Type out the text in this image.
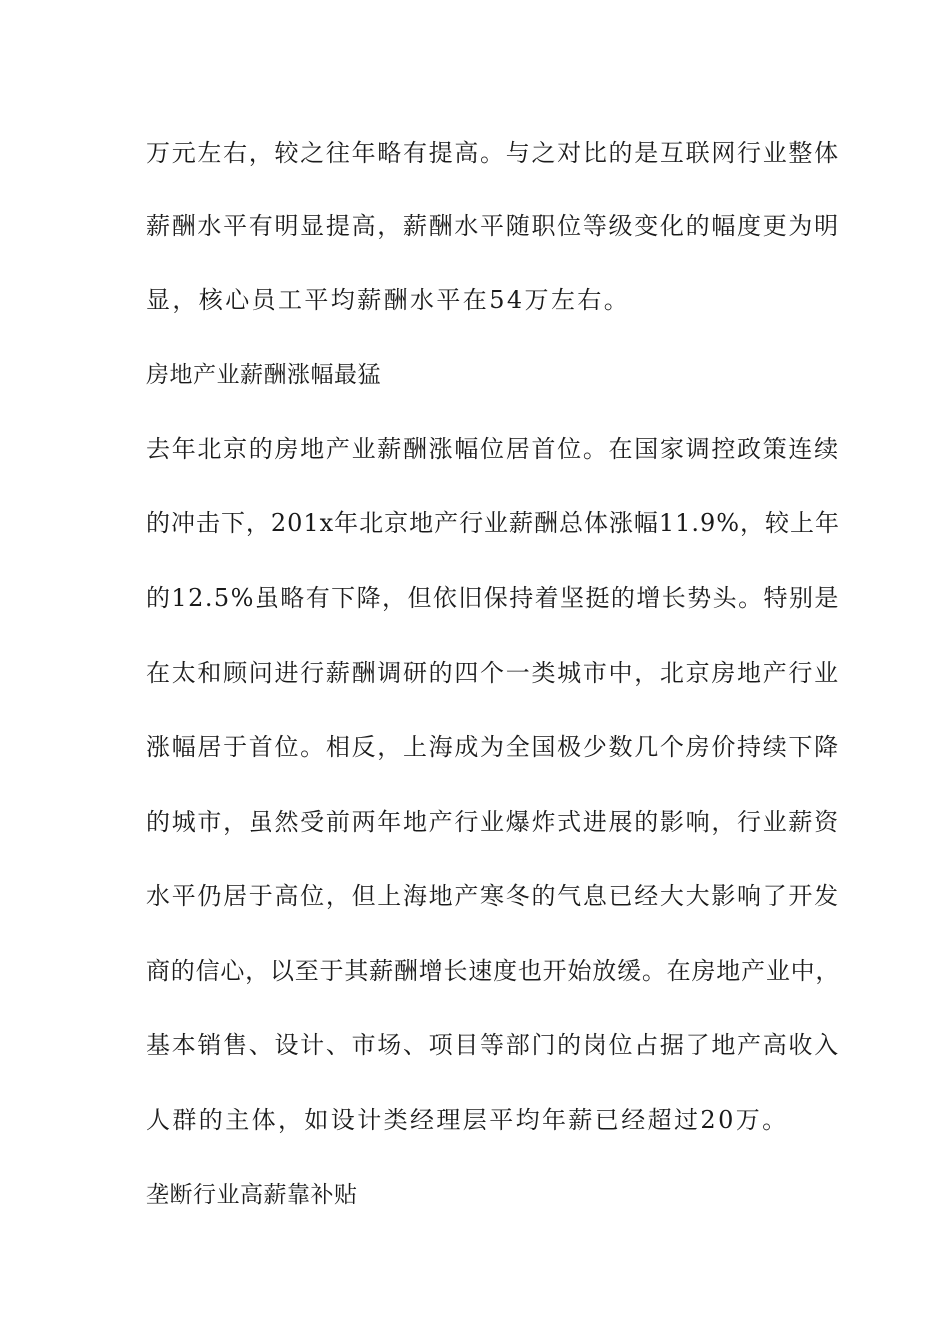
万元左右，较之往年略有提高。与之对比的是互联网行业整体
薪酬水平有明显提高，薪酬水平随职位等级变化的幅度更为明
显，核心员工平均薪酬水平在54万左右。
房地产业薪酬涨幅最猛
去年北京的房地产业薪酬涨幅位居首位。在国家调控政策连续
的冲击下，201x年北京地产行业薪酬总体涨幅11.9%，较上年
的12.5%虽略有下降，但依旧保持着坚挺的增长势头。特别是
在太和顾问进行薪酬调研的四个一类城市中，北京房地产行业
涨幅居于首位。相反，上海成为全国极少数几个房价持续下降
的城市，虽然受前两年地产行业爆炸式进展的影响，行业薪资
水平仍居于高位，但上海地产寒冬的气息已经大大影响了开发
商的信心，以至于其薪酬增长速度也开始放缓。在房地产业中，
基本销售、设计、市场、项目等部门的岗位占据了地产高收入
人群的主体，如设计类经理层平均年薪已经超过20万。
垄断行业高薪靠补贴
